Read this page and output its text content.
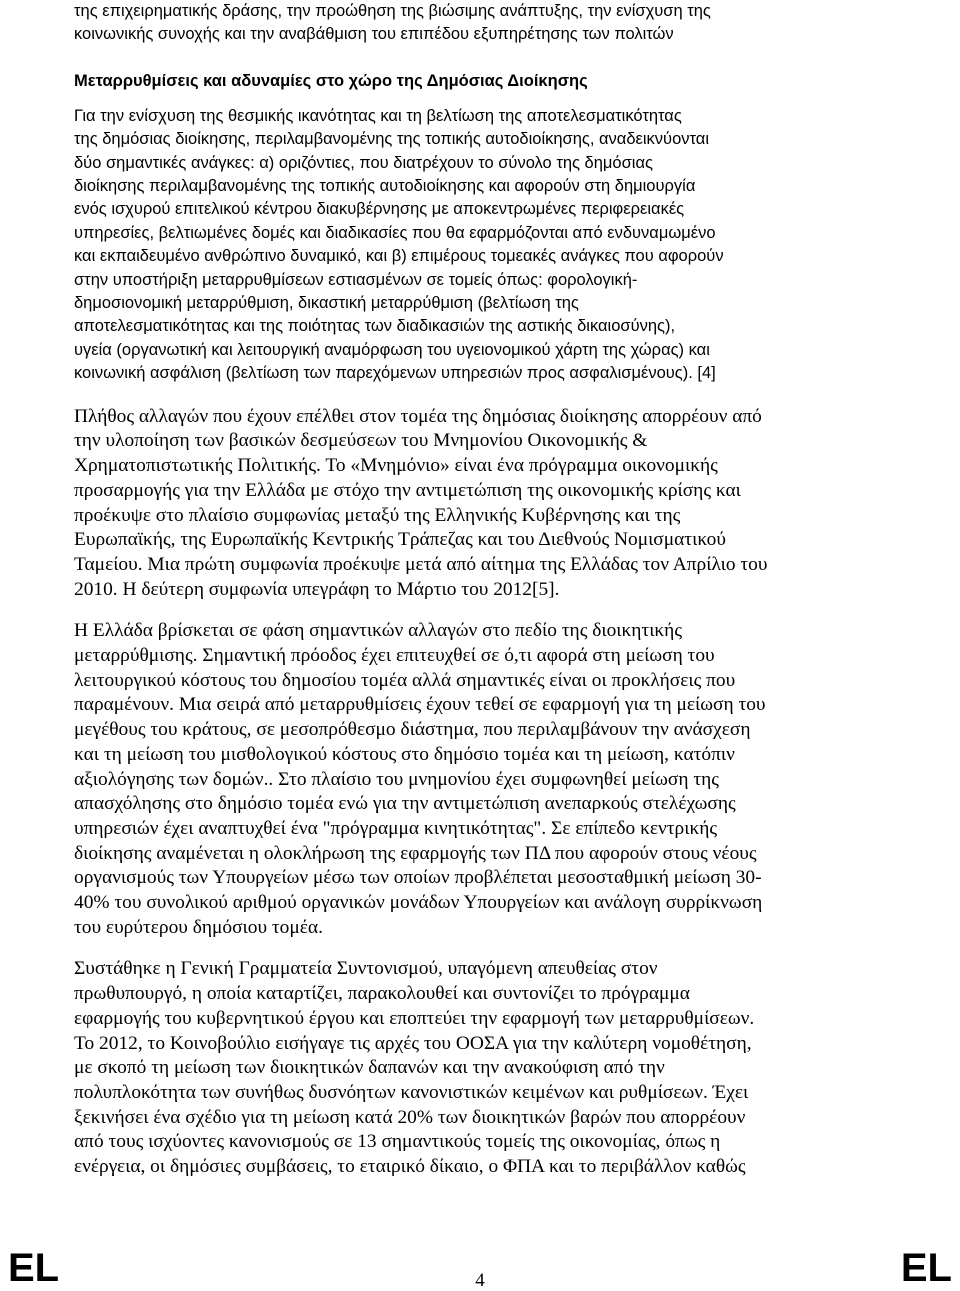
της επιχειρηματικής δράσης, την προώθηση της βιώσιμης ανάπτυξης, την ενίσχυση της
κοινωνικής συνοχής και την αναβάθμιση του επιπέδου εξυπηρέτησης των πολιτών

Μεταρρυθμίσεις και αδυναμίες στο χώρο της Δημόσιας Διοίκησης

Για την ενίσχυση της θεσμικής ικανότητας και τη βελτίωση της αποτελεσματικότητας
της δημόσιας διοίκησης, περιλαμβανομένης της τοπικής αυτοδιοίκησης, αναδεικνύονται
δύο σημαντικές ανάγκες: α) οριζόντιες, που διατρέχουν το σύνολο της δημόσιας
διοίκησης περιλαμβανομένης της τοπικής αυτοδιοίκησης και αφορούν στη δημιουργία
ενός ισχυρού επιτελικού κέντρου διακυβέρνησης με αποκεντρωμένες περιφερειακές
υπηρεσίες, βελτιωμένες δομές και διαδικασίες που θα εφαρμόζονται από ενδυναμωμένο
και εκπαιδευμένο ανθρώπινο δυναμικό, και β) επιμέρους τομεακές ανάγκες που αφορούν
στην υποστήριξη μεταρρυθμίσεων εστιασμένων σε τομείς όπως: φορολογική-
δημοσιονομική μεταρρύθμιση, δικαστική μεταρρύθμιση (βελτίωση της
αποτελεσματικότητας και της ποιότητας των διαδικασιών της αστικής δικαιοσύνης),
υγεία (οργανωτική και λειτουργική αναμόρφωση του υγειονομικού χάρτη της χώρας) και
κοινωνική ασφάλιση (βελτίωση των παρεχόμενων υπηρεσιών προς ασφαλισμένους). [4]

Πλήθος αλλαγών που έχουν επέλθει στον τομέα της δημόσιας διοίκησης απορρέουν από
την υλοποίηση των βασικών δεσμεύσεων του Μνημονίου Οικονομικής &
Χρηματοπιστωτικής Πολιτικής. Το «Μνημόνιο» είναι ένα πρόγραμμα οικονομικής
προσαρμογής για την Ελλάδα με στόχο την αντιμετώπιση της οικονομικής κρίσης και
προέκυψε στο πλαίσιο συμφωνίας μεταξύ της Ελληνικής Κυβέρνησης και της
Ευρωπαϊκής, της Ευρωπαϊκής Κεντρικής Τράπεζας και του Διεθνούς Νομισματικού
Ταμείου. Μια πρώτη συμφωνία προέκυψε μετά από αίτημα της Ελλάδας τον Απρίλιο του
2010. Η δεύτερη συμφωνία υπεγράφη το Μάρτιο του 2012[5].

Η Ελλάδα βρίσκεται σε φάση σημαντικών αλλαγών στο πεδίο της διοικητικής
μεταρρύθμισης. Σημαντική πρόοδος έχει επιτευχθεί σε ό,τι αφορά στη μείωση του
λειτουργικού κόστους του δημοσίου τομέα αλλά σημαντικές είναι οι προκλήσεις που
παραμένουν. Μια σειρά από μεταρρυθμίσεις έχουν τεθεί σε εφαρμογή για τη μείωση του
μεγέθους του κράτους, σε μεσοπρόθεσμο διάστημα, που περιλαμβάνουν την ανάσχεση
και τη μείωση του μισθολογικού κόστους στο δημόσιο τομέα και τη μείωση, κατόπιν
αξιολόγησης των δομών.. Στο πλαίσιο του μνημονίου έχει συμφωνηθεί μείωση της
απασχόλησης στο δημόσιο τομέα ενώ για την αντιμετώπιση ανεπαρκούς στελέχωσης
υπηρεσιών έχει αναπτυχθεί ένα "πρόγραμμα κινητικότητας". Σε επίπεδο κεντρικής
διοίκησης αναμένεται η ολοκλήρωση της εφαρμογής των ΠΔ που αφορούν στους νέους
οργανισμούς των Υπουργείων μέσω των οποίων προβλέπεται μεσοσταθμική μείωση 30-
40% του συνολικού αριθμού οργανικών μονάδων Υπουργείων και ανάλογη συρρίκνωση
του ευρύτερου δημόσιου τομέα.

Συστάθηκε η Γενική Γραμματεία Συντονισμού, υπαγόμενη απευθείας στον
πρωθυπουργό, η οποία καταρτίζει, παρακολουθεί και συντονίζει το πρόγραμμα
εφαρμογής του κυβερνητικού έργου και εποπτεύει την εφαρμογή των μεταρρυθμίσεων.
Το 2012, το Κοινοβούλιο εισήγαγε τις αρχές του ΟΟΣΑ για την καλύτερη νομοθέτηση,
με σκοπό τη μείωση των διοικητικών δαπανών και την ανακούφιση από την
πολυπλοκότητα των συνήθως δυσνόητων κανονιστικών κειμένων και ρυθμίσεων. Έχει
ξεκινήσει ένα σχέδιο για τη μείωση κατά 20% των διοικητικών βαρών που απορρέουν
από τους ισχύοντες κανονισμούς σε 13 σημαντικούς τομείς της οικονομίας, όπως η
ενέργεια, οι δημόσιες συμβάσεις, το εταιρικό δίκαιο, ο ΦΠΑ και το περιβάλλον καθώς

EL	4	EL
